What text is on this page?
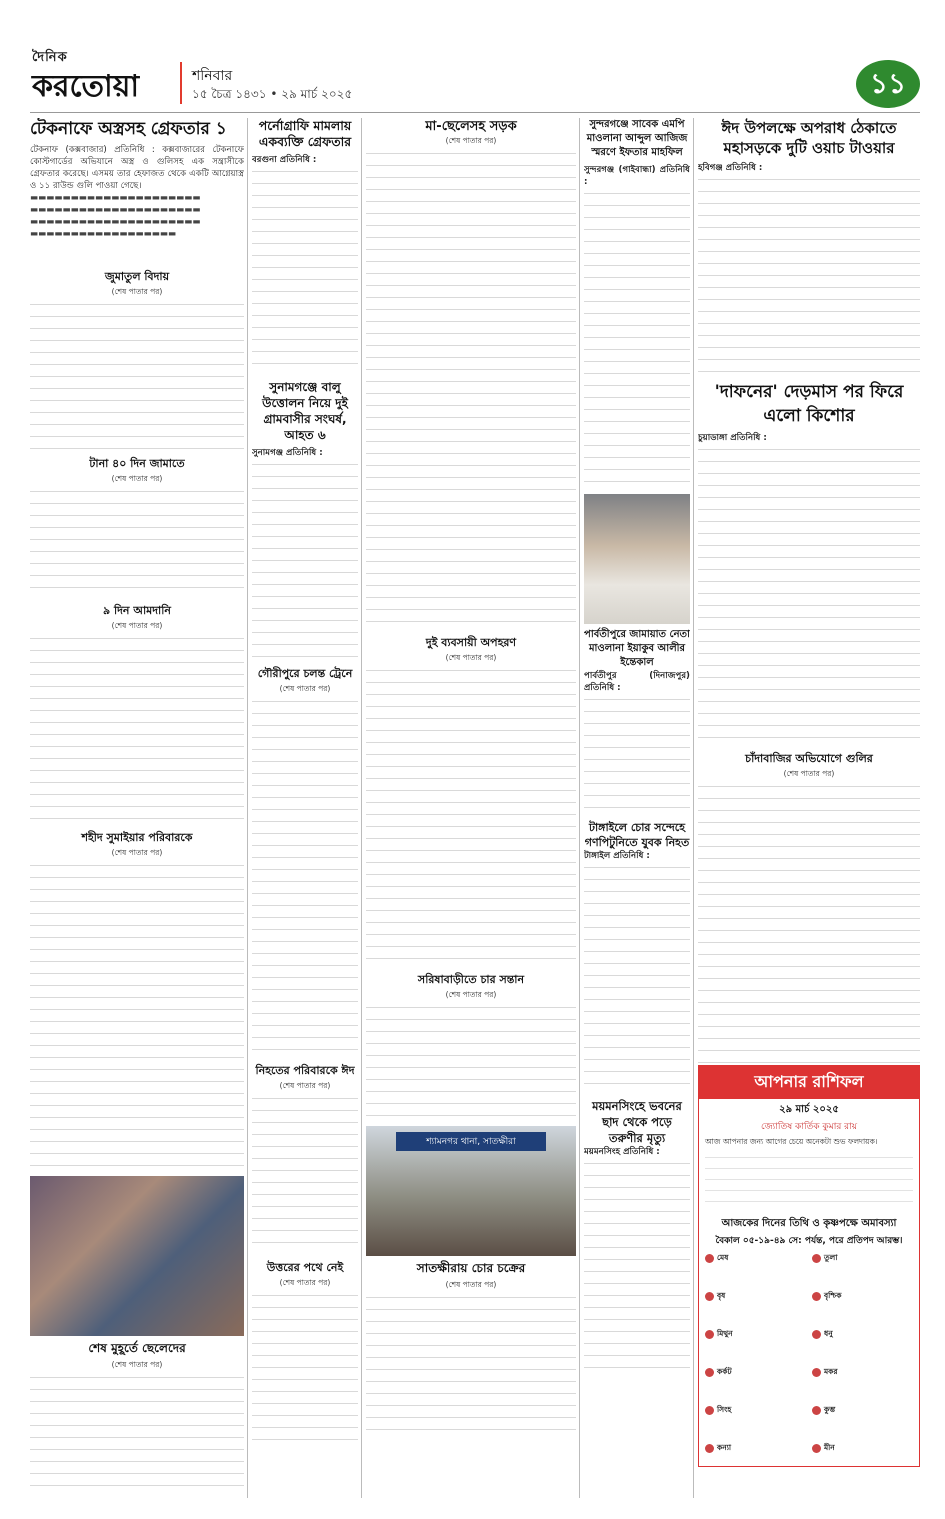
দৈনিক
করতোয়া	শনিবার
১৫ চৈত্র ১৪৩১ • ২৯ মার্চ ২০২৫	১১
টেকনাফে অস্ত্রসহ গ্রেফতার ১
টেকনাফ (কক্সবাজার) প্রতিনিধি : কক্সবাজারের টেকনাফে কোস্টগার্ডের অভিযানে অস্ত্র ও গুলিসহ এক সন্ত্রাসীকে গ্রেফতার করেছে। এসময় তার হেফাজত থেকে একটি আগ্নেয়াস্ত্র ও ১১ রাউন্ড গুলি পাওয়া গেছে।
▬▬▬▬▬▬▬▬▬▬▬▬▬▬▬▬▬▬▬▬▬
▬▬▬▬▬▬▬▬▬▬▬▬▬▬▬▬▬▬▬▬▬
▬▬▬▬▬▬▬▬▬▬▬▬▬▬▬▬▬▬▬▬▬
▬▬▬▬▬▬▬▬▬▬▬▬▬▬▬▬▬▬
জুমাতুল বিদায়
(শেষ পাতার পর)
টানা ৪০ দিন জামাতে
(শেষ পাতার পর)
৯ দিন আমদানি
(শেষ পাতার পর)
শহীদ সুমাইয়ার পরিবারকে
(শেষ পাতার পর)
শেষ মুহূর্তে ছেলেদের
(শেষ পাতার পর)
পর্নোগ্রাফি মামলায় একব্যক্তি গ্রেফতার
বরগুনা প্রতিনিধি :
সুনামগঞ্জে বালু উত্তোলন নিয়ে দুই গ্রামবাসীর সংঘর্ষ, আহত ৬
সুনামগঞ্জ প্রতিনিধি :
গৌরীপুরে চলন্ত ট্রেনে
(শেষ পাতার পর)
নিহতের পরিবারকে ঈদ
(শেষ পাতার পর)
উত্তরের পথে নেই
(শেষ পাতার পর)
মা-ছেলেসহ সড়ক
(শেষ পাতার পর)
দুই ব্যবসায়ী অপহরণ
(শেষ পাতার পর)
সরিষাবাড়ীতে চার সন্তান
(শেষ পাতার পর)
শ্যামনগর থানা, সাতক্ষীরা
সাতক্ষীরায় চোর চক্রের
(শেষ পাতার পর)
সুন্দরগঞ্জে সাবেক এমপি মাওলানা আব্দুল আজিজ স্মরণে ইফতার মাহফিল
সুন্দরগঞ্জ (গাইবান্ধা) প্রতিনিধি :
পার্বতীপুরে জামায়াত নেতা মাওলানা ইয়াকুব আলীর ইন্তেকাল
পার্বতীপুর (দিনাজপুর) প্রতিনিধি :
টাঙ্গাইলে চোর সন্দেহে গণপিটুনিতে যুবক নিহত
টাঙ্গাইল প্রতিনিধি :
ময়মনসিংহে ভবনের ছাদ থেকে পড়ে তরুণীর মৃত্যু
ময়মনসিংহ প্রতিনিধি :
ঈদ উপলক্ষে অপরাধ ঠেকাতে মহাসড়কে দুটি ওয়াচ টাওয়ার
হবিগঞ্জ প্রতিনিধি :
'দাফনের' দেড়মাস পর ফিরে এলো কিশোর
চুয়াডাঙ্গা প্রতিনিধি :
চাঁদাবাজির অভিযোগে গুলির
(শেষ পাতার পর)
আপনার রাশিফল
২৯ মার্চ ২০২৫
জ্যোতিষ কার্তিক কুমার রায়
আজ আপনার জন্য আগের চেয়ে অনেকটা শুভ ফলদায়ক।
আজকের দিনের তিথি ও কৃষ্ণপক্ষে অমাবস্যা
বৈকাল ০৫-১৯-৪৯ সে: পর্যন্ত, পরে প্রতিপদ আরম্ভ।
মেষ
বৃষ
মিথুন
কর্কট
সিংহ
কন্যা
তুলা
বৃশ্চিক
ধনু
মকর
কুম্ভ
মীন
